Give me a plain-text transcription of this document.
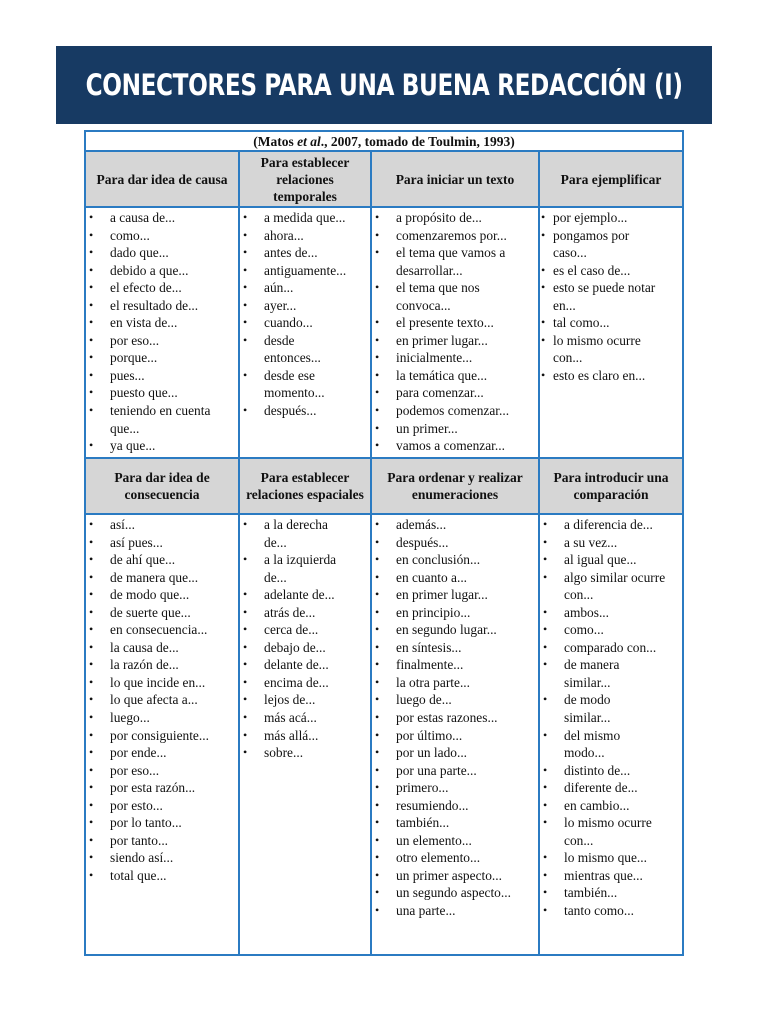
CONECTORES PARA UNA BUENA REDACCIÓN (I)
(Matos et al., 2007, tomado de Toulmin, 1993)
Para dar idea de causa
Para establecer relaciones temporales
Para iniciar un texto	Para ejemplificar
• a causa de...
• como...
• dado que...
• debido a que...
• el efecto de...
• el resultado de...
• en vista de...
• por eso...
• porque...
• pues...
• puesto que...
• teniendo en cuenta
que...
• ya que...
• a medida que...
• ahora...
• antes de...
• antiguamente...
• aún...
• ayer...
• cuando...
• desde
entonces...
• desde ese
momento...
• después...
• a propósito de...
• comenzaremos por...
• el tema que vamos a
desarrollar...
• el tema que nos
convoca...
• el presente texto...
• en primer lugar...
• inicialmente...
• la temática que...
• para comenzar...
• podemos comenzar...
• un primer...
• vamos a comenzar...
• por ejemplo...
• pongamos por
caso...
• es el caso de...
• esto se puede notar
en...
• tal como...
• lo mismo ocurre
con...
• esto es claro en...
Para dar idea de consecuencia
Para establecer relaciones espaciales
Para ordenar y realizar enumeraciones
Para introducir una comparación
• así...
• así pues...
• de ahí que...
• de manera que...
• de modo que...
• de suerte que...
• en consecuencia...
• la causa de...
• la razón de...
• lo que incide en...
• lo que afecta a...
• luego...
• por consiguiente...
• por ende...
• por eso...
• por esta razón...
• por esto...
• por lo tanto...
• por tanto...
• siendo así...
• total que...
• a la derecha
de...
• a la izquierda
de...
• adelante de...
• atrás de...
• cerca de...
• debajo de...
• delante de...
• encima de...
• lejos de...
• más acá...
• más allá...
• sobre...
• además...
• después...
• en conclusión...
• en cuanto a...
• en primer lugar...
• en principio...
• en segundo lugar...
• en síntesis...
• finalmente...
• la otra parte...
• luego de...
• por estas razones...
• por último...
• por un lado...
• por una parte...
• primero...
• resumiendo...
• también...
• un elemento...
• otro elemento...
• un primer aspecto...
• un segundo aspecto...
• una parte...
• a diferencia de...
• a su vez...
• al igual que...
• algo similar ocurre
con...
• ambos...
• como...
• comparado con...
• de manera
similar...
• de modo
similar...
• del mismo
modo...
• distinto de...
• diferente de...
• en cambio...
• lo mismo ocurre
con...
• lo mismo que...
• mientras que...
• también...
• tanto como...
